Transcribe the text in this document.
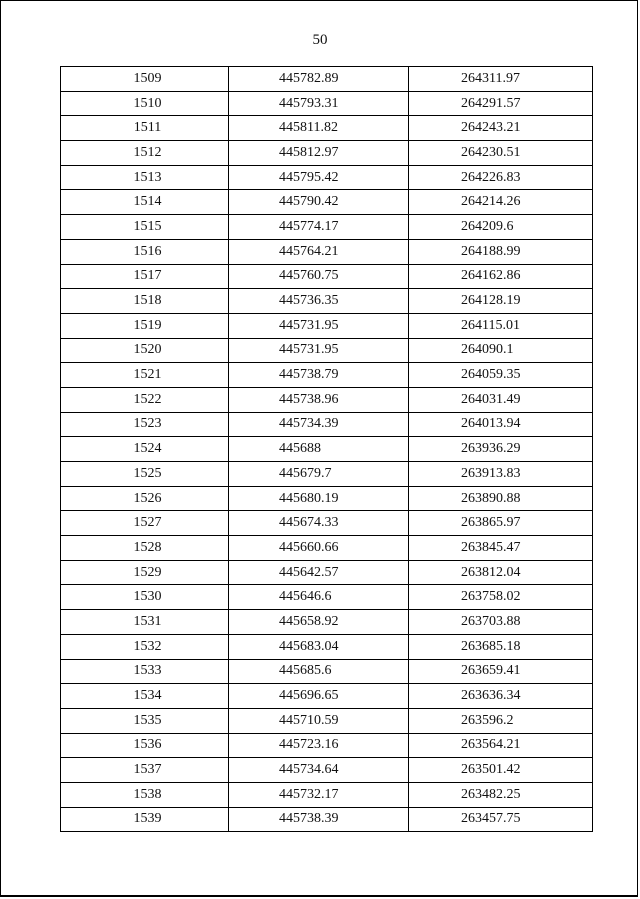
50
1509	445782.89	264311.97
1510	445793.31	264291.57
1511	445811.82	264243.21
1512	445812.97	264230.51
1513	445795.42	264226.83
1514	445790.42	264214.26
1515	445774.17	264209.6
1516	445764.21	264188.99
1517	445760.75	264162.86
1518	445736.35	264128.19
1519	445731.95	264115.01
1520	445731.95	264090.1
1521	445738.79	264059.35
1522	445738.96	264031.49
1523	445734.39	264013.94
1524	445688	263936.29
1525	445679.7	263913.83
1526	445680.19	263890.88
1527	445674.33	263865.97
1528	445660.66	263845.47
1529	445642.57	263812.04
1530	445646.6	263758.02
1531	445658.92	263703.88
1532	445683.04	263685.18
1533	445685.6	263659.41
1534	445696.65	263636.34
1535	445710.59	263596.2
1536	445723.16	263564.21
1537	445734.64	263501.42
1538	445732.17	263482.25
1539	445738.39	263457.75
